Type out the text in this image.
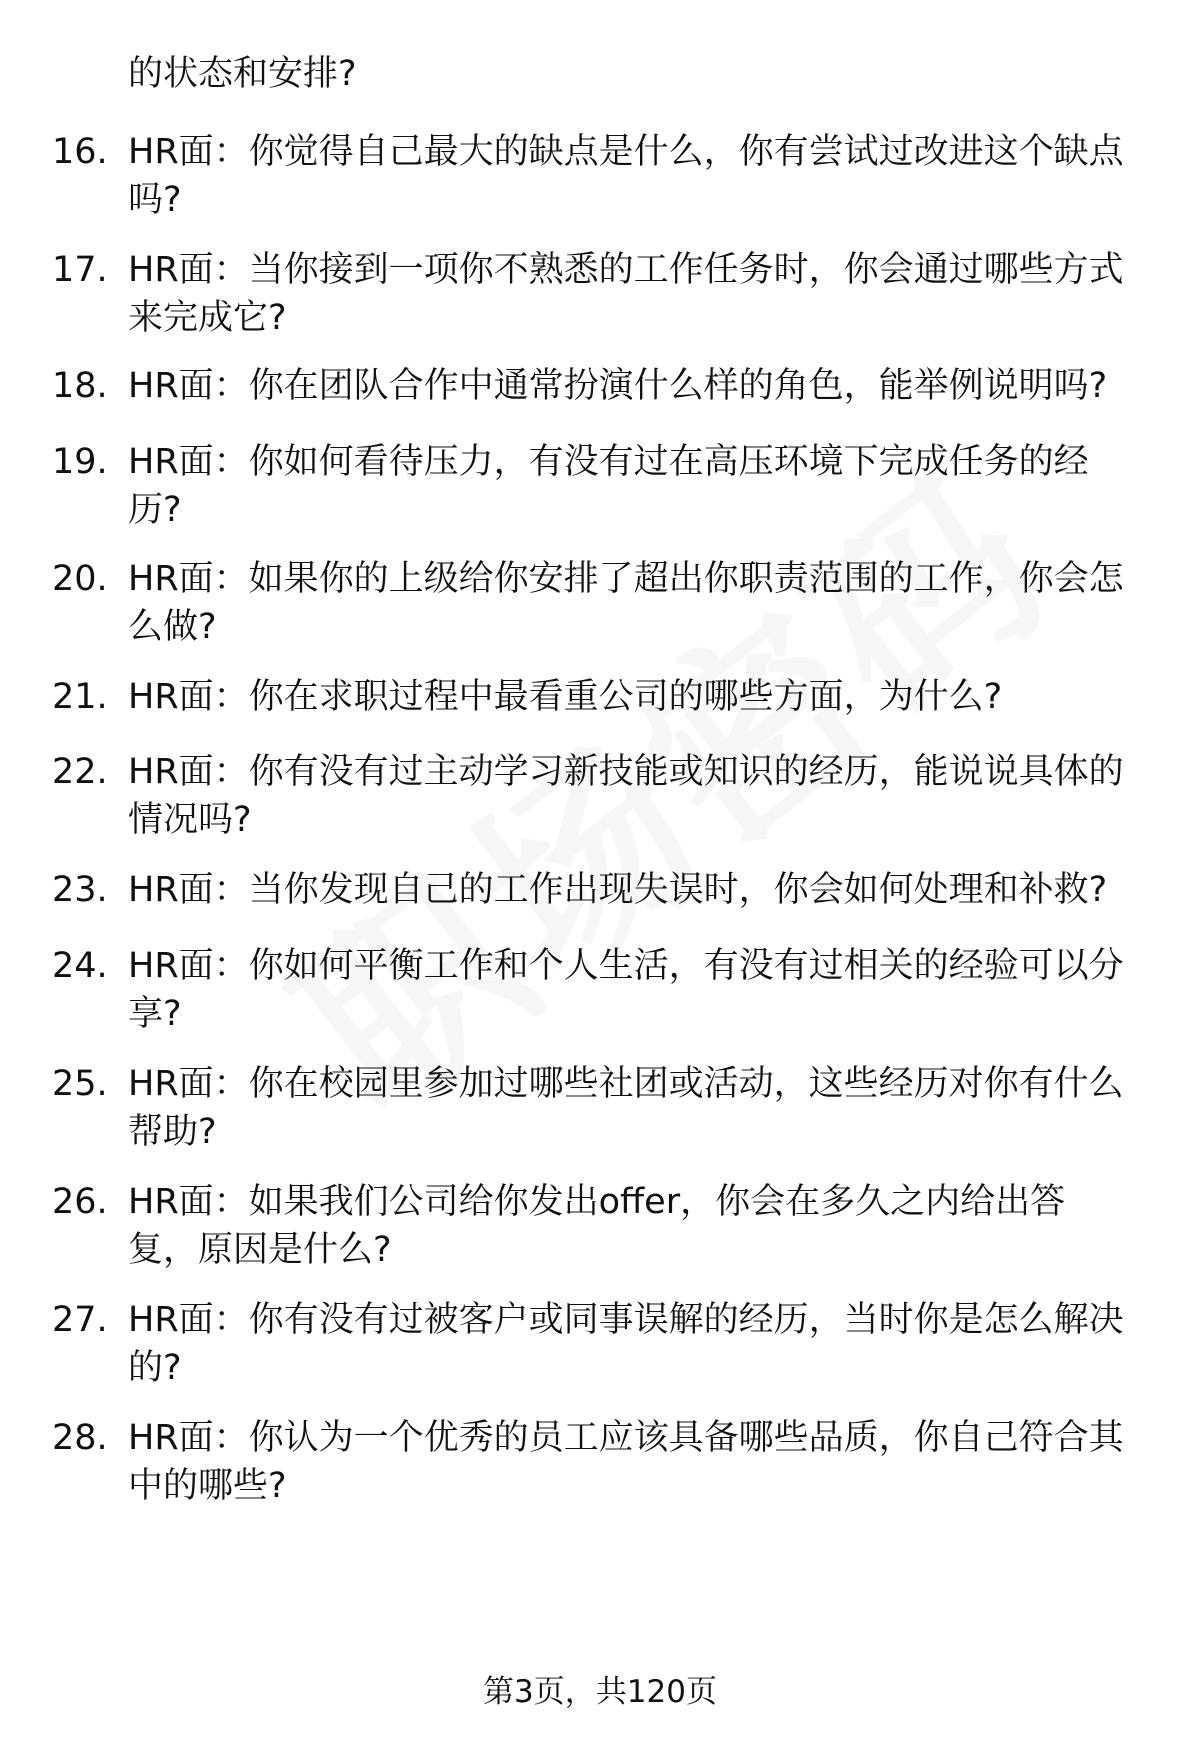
的状态和安排?
16. HR面：你觉得自己最大的缺点是什么，你有尝试过改进这个缺点
吗?
17. HR面：当你接到一项你不熟悉的工作任务时，你会通过哪些方式
来完成它?
18. HR面：你在团队合作中通常扮演什么样的角色，能举例说明吗?
19. HR面：你如何看待压力，有没有过在高压环境下完成任务的经
历?
20. HR面：如果你的上级给你安排了超出你职责范围的工作，你会怎
么做?
21. HR面：你在求职过程中最看重公司的哪些方面，为什么?
22. HR面：你有没有过主动学习新技能或知识的经历，能说说具体的
情况吗?
23. HR面：当你发现自己的工作出现失误时，你会如何处理和补救?
24. HR面：你如何平衡工作和个人生活，有没有过相关的经验可以分
享?
25. HR面：你在校园里参加过哪些社团或活动，这些经历对你有什么
帮助?
26. HR面：如果我们公司给你发出offer，你会在多久之内给出答
复，原因是什么?
27. HR面：你有没有过被客户或同事误解的经历，当时你是怎么解决
的?
28. HR面：你认为一个优秀的员工应该具备哪些品质，你自己符合其
中的哪些?
第3页，共120页
